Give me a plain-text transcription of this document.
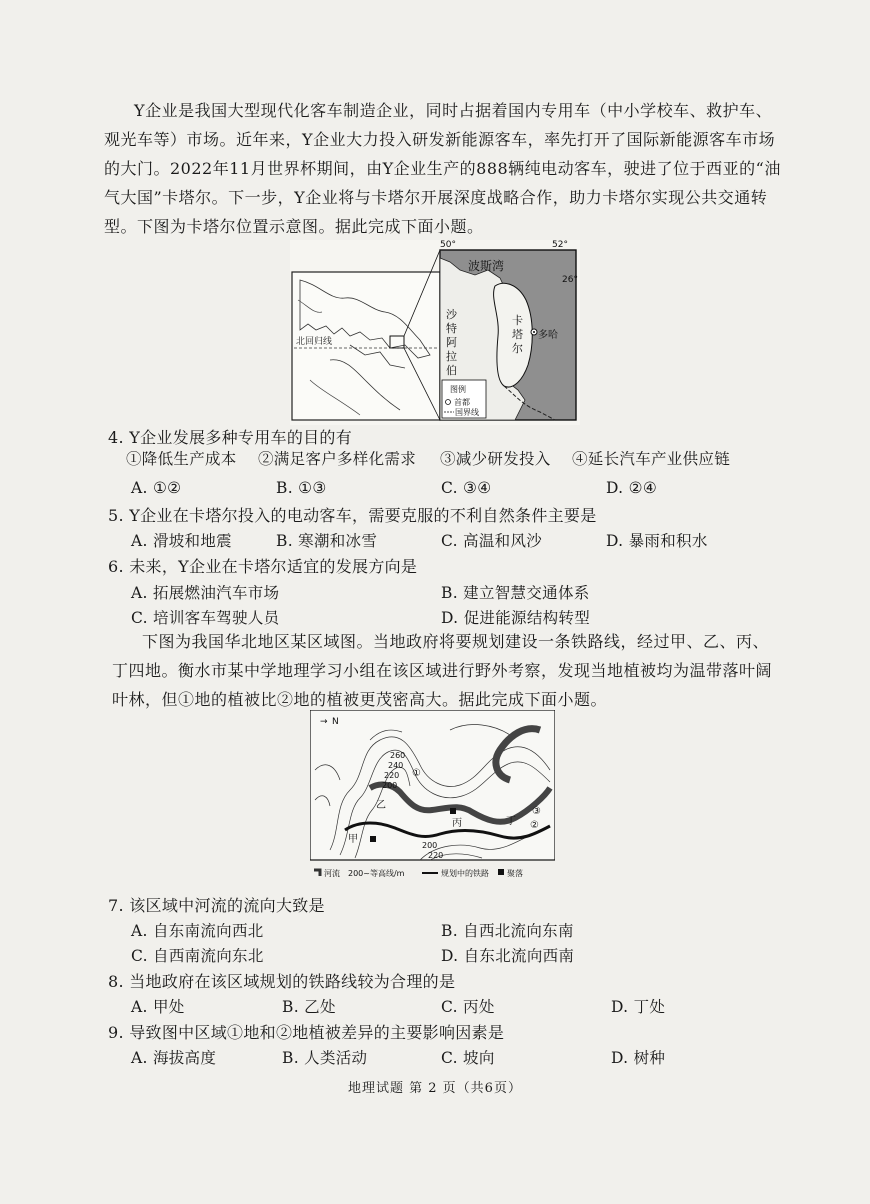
Y企业是我国大型现代化客车制造企业，同时占据着国内专用车（中小学校车、救护车、观光车等）市场。近年来，Y企业大力投入研发新能源客车，率先打开了国际新能源客车市场的大门。2022年11月世界杯期间，由Y企业生产的888辆纯电动客车，驶进了位于西亚的“油气大国”卡塔尔。下一步，Y企业将与卡塔尔开展深度战略合作，助力卡塔尔实现公共交通转型。下图为卡塔尔位置示意图。据此完成下面小题。
北回归线
50°	52°
26°
波斯湾
多哈
卡
塔
尔
沙
特
阿
拉
伯
图例
首都
国界线
4. Y企业发展多种专用车的目的有
①降低生产成本 ②满足客户多样化需求 ③减少研发投入 ④延长汽车产业供应链
A. ①②	B. ①③	C. ③④	D. ②④
5. Y企业在卡塔尔投入的电动客车，需要克服的不利自然条件主要是
A. 滑坡和地震	B. 寒潮和冰雪	C. 高温和风沙	D. 暴雨和积水
6. 未来，Y企业在卡塔尔适宜的发展方向是
A. 拓展燃油汽车市场	B. 建立智慧交通体系
C. 培训客车驾驶人员	D. 促进能源结构转型
下图为我国华北地区某区域图。当地政府将要规划建设一条铁路线，经过甲、乙、丙、丁四地。衡水市某中学地理学习小组在该区域进行野外考察，发现当地植被均为温带落叶阔叶林，但①地的植被比②地的植被更茂密高大。据此完成下面小题。
→ N
260
240
220
200
200
220
①
②
③
甲
乙
丙	丁
河流 200~等高线/m	规划中的铁路 聚落
7. 该区域中河流的流向大致是
A. 自东南流向西北	B. 自西北流向东南
C. 自西南流向东北	D. 自东北流向西南
8. 当地政府在该区域规划的铁路线较为合理的是
A. 甲处	B. 乙处	C. 丙处	D. 丁处
9. 导致图中区域①地和②地植被差异的主要影响因素是
A. 海拔高度	B. 人类活动	C. 坡向	D. 树种
地理试题 第 2 页（共6页）
